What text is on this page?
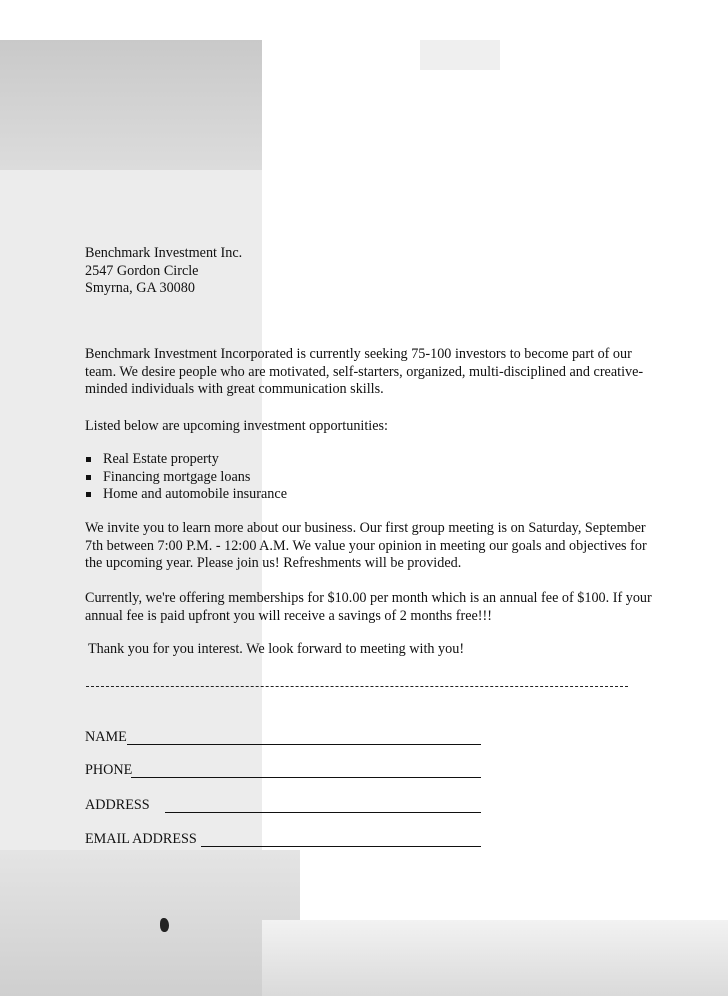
Benchmark Investment Inc.
2547 Gordon Circle
Smyrna, GA 30080
Benchmark Investment Incorporated is currently seeking 75-100 investors to become part of our team. We desire people who are motivated, self-starters, organized, multi-disciplined and creative-minded individuals with great communication skills.
Listed below are upcoming investment opportunities:
Real Estate property
Financing mortgage loans
Home and automobile insurance
We invite you to learn more about our business. Our first group meeting is on Saturday, September 7th between 7:00 P.M. - 12:00 A.M. We value your opinion in meeting our goals and objectives for the upcoming year. Please join us! Refreshments will be provided.
Currently, we're offering memberships for $10.00 per month which is an annual fee of $100. If your annual fee is paid upfront you will receive a savings of 2 months free!!!
Thank you for you interest. We look forward to meeting with you!
NAME
PHONE
ADDRESS
EMAIL ADDRESS
